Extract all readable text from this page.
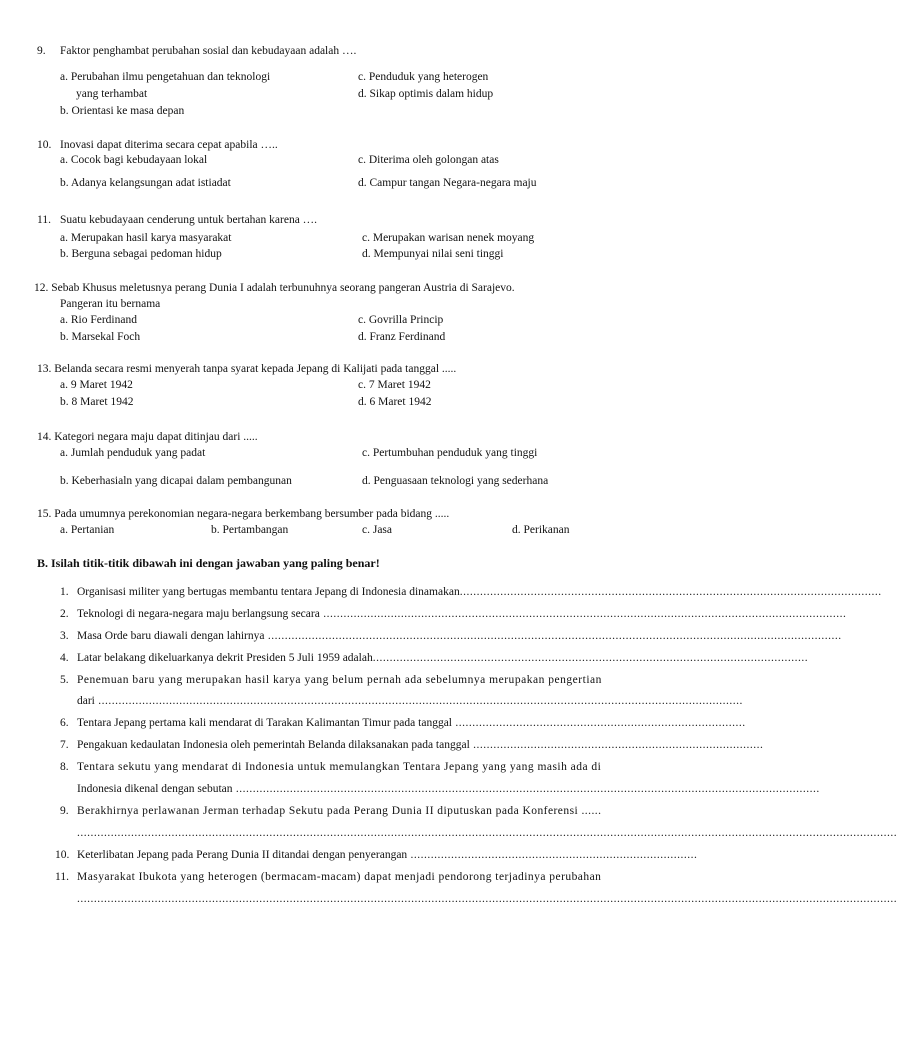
9. Faktor penghambat perubahan sosial dan kebudayaan adalah ….
a. Perubahan ilmu pengetahuan dan teknologi
yang terhambat
b. Orientasi ke masa depan
c. Penduduk yang heterogen
d. Sikap optimis dalam hidup
10. Inovasi dapat diterima secara cepat apabila …..
a. Cocok bagi kebudayaan lokal
b. Adanya kelangsungan adat istiadat
c. Diterima oleh golongan atas
d. Campur tangan Negara-negara maju
11. Suatu kebudayaan cenderung untuk bertahan karena ….
a. Merupakan hasil karya masyarakat
b. Berguna sebagai pedoman hidup
c. Merupakan warisan nenek moyang
d. Mempunyai nilai seni tinggi
12. Sebab Khusus meletusnya perang Dunia I adalah terbunuhnya seorang pangeran Austria di Sarajevo.
Pangeran itu bernama
a. Rio Ferdinand
b. Marsekal Foch
c. Govrilla Princip
d. Franz Ferdinand
13. Belanda secara resmi menyerah tanpa syarat kepada Jepang di Kalijati pada tanggal .....
a. 9 Maret 1942
b. 8 Maret 1942
c. 7 Maret 1942
d. 6 Maret 1942
14. Kategori negara maju dapat ditinjau dari .....
a. Jumlah penduduk yang padat
b. Keberhasialn yang dicapai dalam pembangunan
c. Pertumbuhan penduduk yang tinggi
d. Penguasaan teknologi yang sederhana
15. Pada umumnya perekonomian negara-negara berkembang bersumber pada bidang .....
a. Pertanian	b. Pertambangan	c. Jasa	d. Perikanan
B. Isilah titik-titik dibawah ini dengan jawaban yang paling benar!
1. Organisasi militer yang bertugas membantu tentara Jepang di Indonesia dinamakan.............................................................................................................................
2. Teknologi di negara-negara maju berlangsung secara ...........................................................................................................................................................
3. Masa Orde baru diawali dengan lahirnya ..........................................................................................................................................................................
4. Latar belakang dikeluarkanya dekrit Presiden 5 Juli 1959 adalah.................................................................................................................................
5. Penemuan baru yang merupakan hasil karya yang belum pernah ada sebelumnya merupakan pengertian
dari ...............................................................................................................................................................................................
6. Tentara Jepang pertama kali mendarat di Tarakan Kalimantan Timur pada tanggal ......................................................................................
7. Pengakuan kedaulatan Indonesia oleh pemerintah Belanda dilaksanakan pada tanggal ......................................................................................
8. Tentara sekutu yang mendarat di Indonesia untuk memulangkan Tentara Jepang yang yang masih ada di
Indonesia dikenal dengan sebutan .............................................................................................................................................................................
9. Berakhirnya perlawanan Jerman terhadap Sekutu pada Perang Dunia II diputuskan pada Konferensi ......
...................................................................................................................................................................................................................................................
10. Keterlibatan Jepang pada Perang Dunia II ditandai dengan penyerangan .....................................................................................
11. Masyarakat Ibukota yang heterogen (bermacam-macam) dapat menjadi pendorong terjadinya perubahan
...................................................................................................................................................................................................................................................
